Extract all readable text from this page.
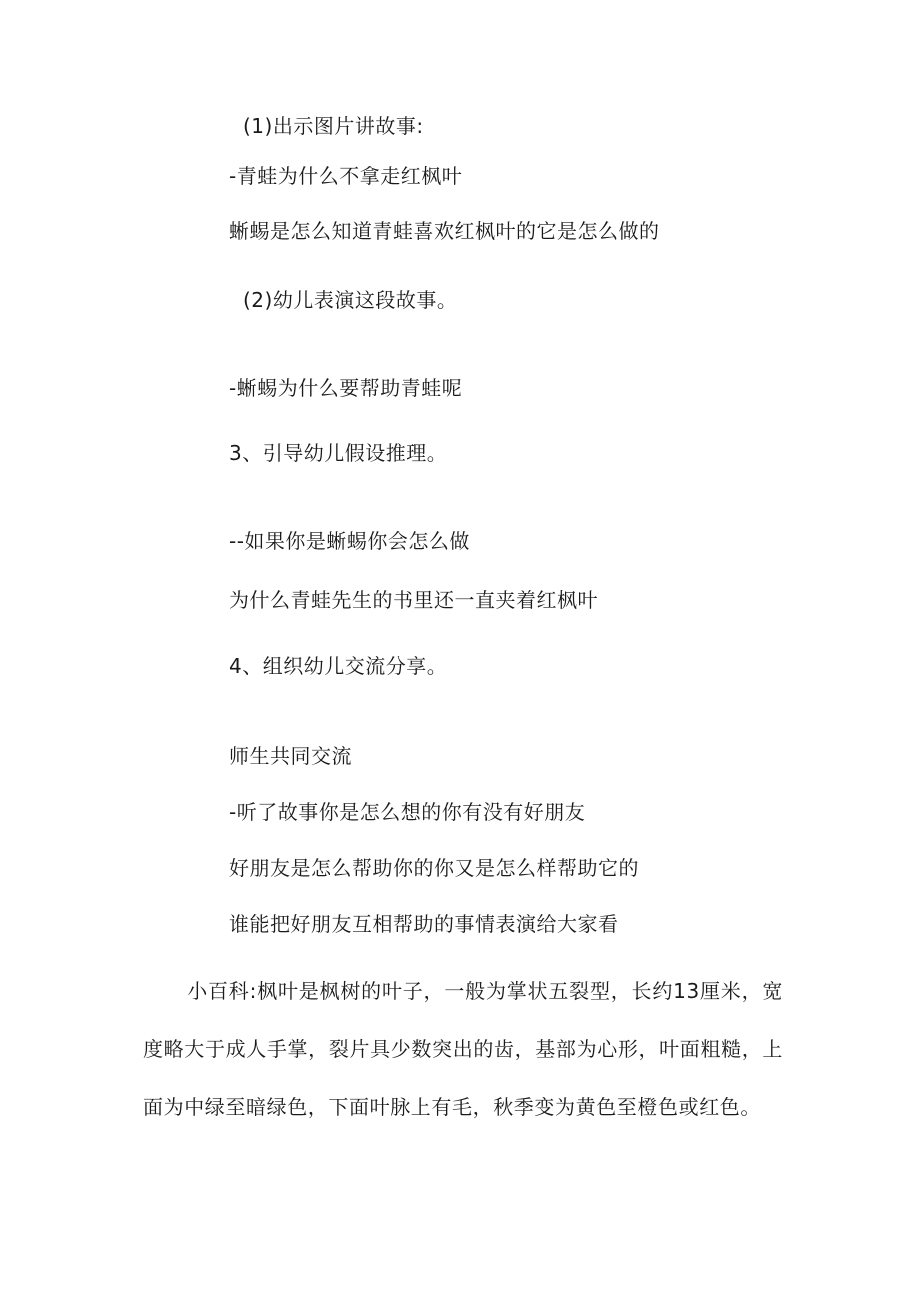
(1)出示图片讲故事:
-青蛙为什么不拿走红枫叶
蜥蜴是怎么知道青蛙喜欢红枫叶的它是怎么做的
(2)幼儿表演这段故事。
-蜥蜴为什么要帮助青蛙呢
3、引导幼儿假设推理。
--如果你是蜥蜴你会怎么做
为什么青蛙先生的书里还一直夹着红枫叶
4、组织幼儿交流分享。
师生共同交流
-听了故事你是怎么想的你有没有好朋友
好朋友是怎么帮助你的你又是怎么样帮助它的
谁能把好朋友互相帮助的事情表演给大家看
小百科:枫叶是枫树的叶子，一般为掌状五裂型，长约13厘米，宽度略大于成人手掌，裂片具少数突出的齿，基部为心形，叶面粗糙，上面为中绿至暗绿色，下面叶脉上有毛，秋季变为黄色至橙色或红色。
